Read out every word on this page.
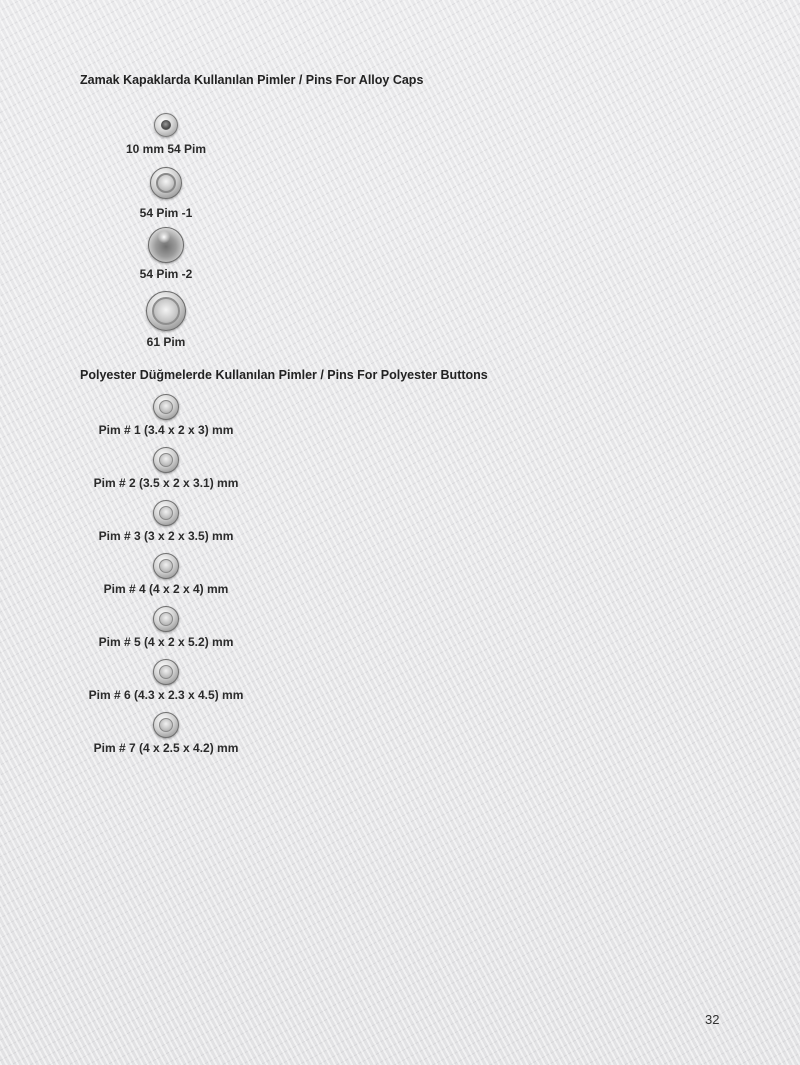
Zamak Kapaklarda Kullanılan Pimler / Pins For Alloy Caps
10 mm 54 Pim
54 Pim -1
54 Pim -2
61 Pim
Polyester Düğmelerde Kullanılan Pimler / Pins For Polyester Buttons
Pim # 1 (3.4 x 2 x 3) mm
Pim # 2 (3.5 x 2 x 3.1) mm
Pim # 3 (3 x 2 x 3.5) mm
Pim # 4 (4 x 2 x 4) mm
Pim # 5 (4 x 2 x 5.2) mm
Pim # 6 (4.3 x 2.3 x 4.5) mm
Pim # 7 (4 x 2.5 x 4.2) mm
32
